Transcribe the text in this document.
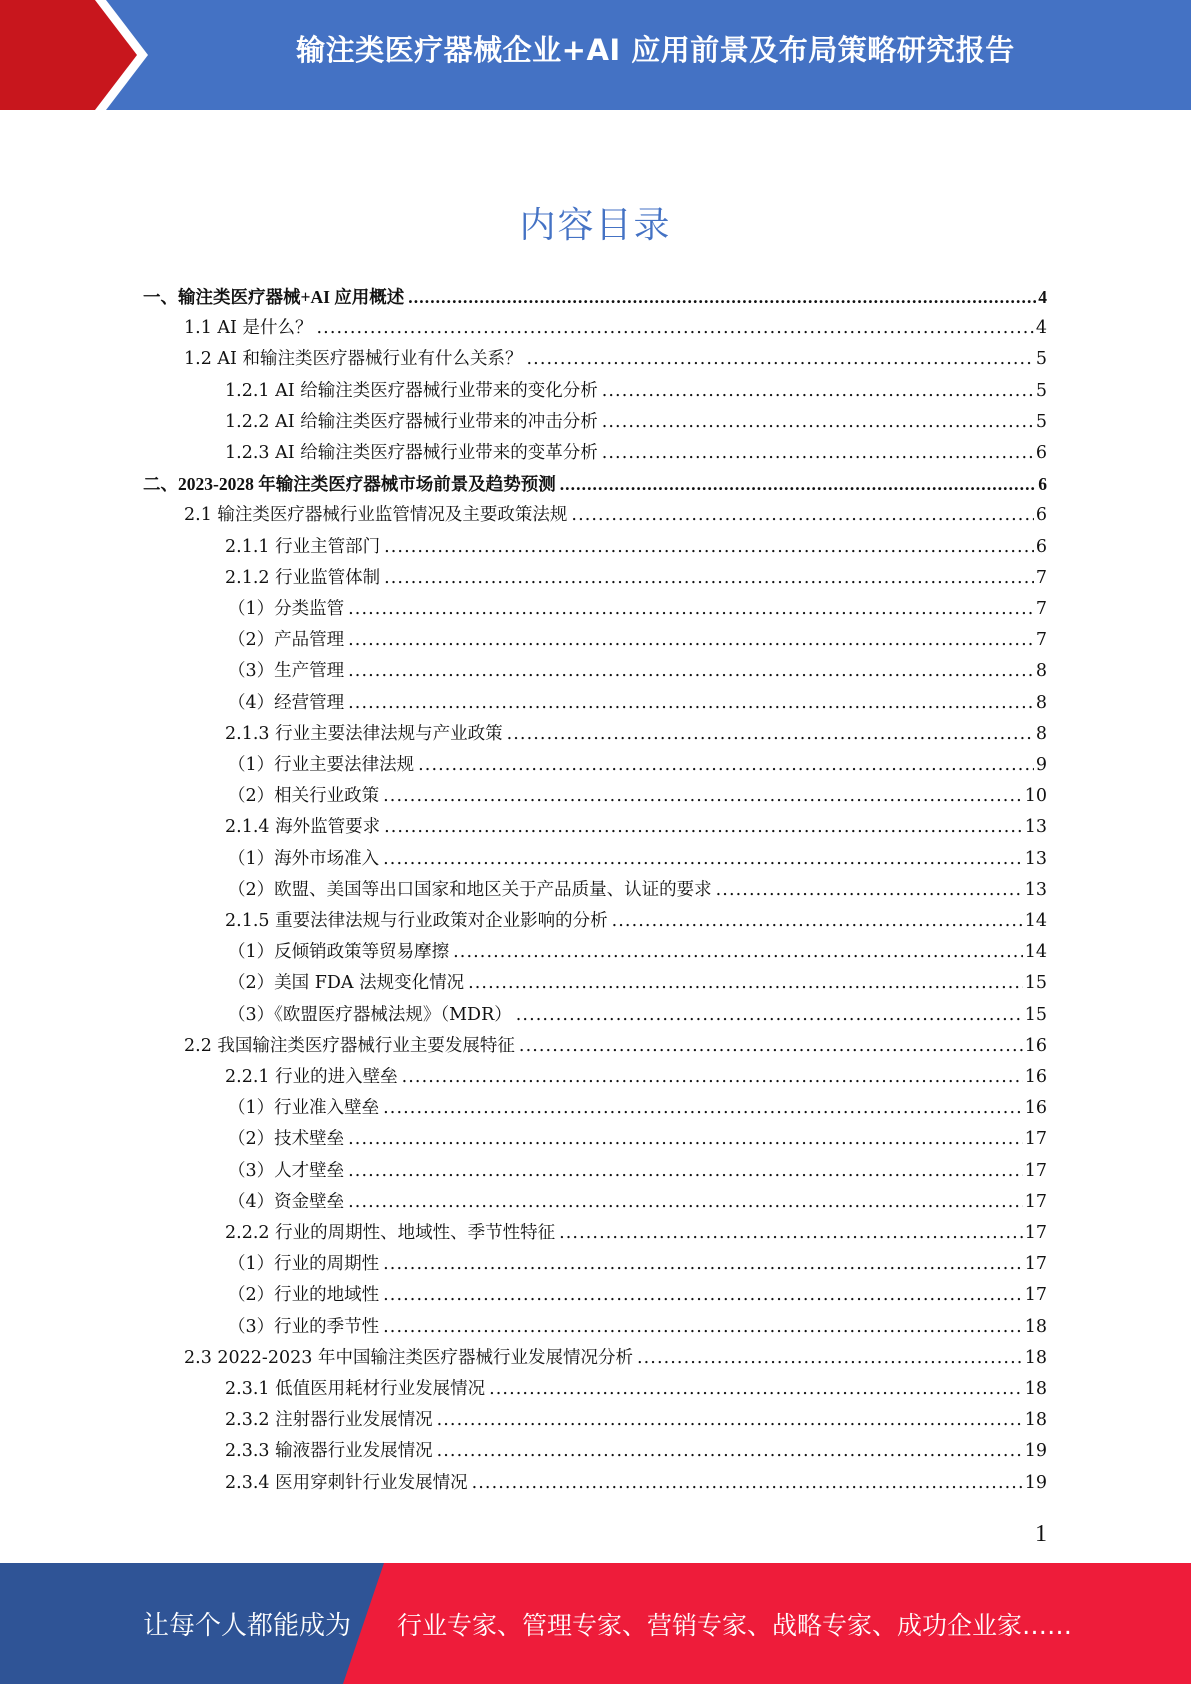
输注类医疗器械企业+AI 应用前景及布局策略研究报告
内容目录
一、输注类医疗器械+AI 应用概述 .....	4
1.1 AI 是什么？ .....	4
1.2 AI 和输注类医疗器械行业有什么关系？ .....	5
1.2.1 AI 给输注类医疗器械行业带来的变化分析 .....	5
1.2.2 AI 给输注类医疗器械行业带来的冲击分析 .....	5
1.2.3 AI 给输注类医疗器械行业带来的变革分析 .....	6
二、2023-2028 年输注类医疗器械市场前景及趋势预测 .....	6
2.1 输注类医疗器械行业监管情况及主要政策法规 .....	6
2.1.1 行业主管部门 .....	6
2.1.2 行业监管体制 .....	7
（1）分类监管 .....	7
（2）产品管理 .....	7
（3）生产管理 .....	8
（4）经营管理 .....	8
2.1.3 行业主要法律法规与产业政策 .....	8
（1）行业主要法律法规 .....	9
（2）相关行业政策 .....	10
2.1.4 海外监管要求 .....	13
（1）海外市场准入 .....	13
（2）欧盟、美国等出口国家和地区关于产品质量、认证的要求 .....	13
2.1.5 重要法律法规与行业政策对企业影响的分析 .....	14
（1）反倾销政策等贸易摩擦 .....	14
（2）美国 FDA 法规变化情况 .....	15
（3）《欧盟医疗器械法规》（MDR） .....	15
2.2 我国输注类医疗器械行业主要发展特征 .....	16
2.2.1 行业的进入壁垒 .....	16
（1）行业准入壁垒 .....	16
（2）技术壁垒 .....	17
（3）人才壁垒 .....	17
（4）资金壁垒 .....	17
2.2.2 行业的周期性、地域性、季节性特征 .....	17
（1）行业的周期性 .....	17
（2）行业的地域性 .....	17
（3）行业的季节性 .....	18
2.3 2022-2023 年中国输注类医疗器械行业发展情况分析 .....	18
2.3.1 低值医用耗材行业发展情况 .....	18
2.3.2 注射器行业发展情况 .....	18
2.3.3 输液器行业发展情况 .....	19
2.3.4 医用穿刺针行业发展情况 .....	19
1
让每个人都能成为 行业专家、管理专家、营销专家、战略专家、成功企业家……
